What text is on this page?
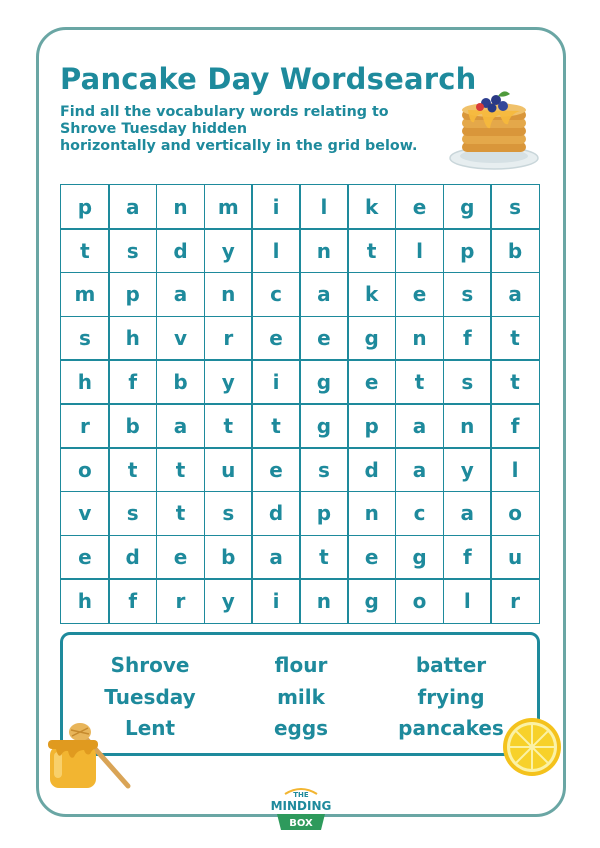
Pancake Day Wordsearch
Find all the vocabulary words relating to
Shrove Tuesday hidden
horizontally and vertically in the grid below.
p	a	n	m	i	l	k	e	g	s
t	s	d	y	l	n	t	l	p	b
m	p	a	n	c	a	k	e	s	a
s	h	v	r	e	e	g	n	f	t
h	f	b	y	i	g	e	t	s	t
r	b	a	t	t	g	p	a	n	f
o	t	t	u	e	s	d	a	y	l
v	s	t	s	d	p	n	c	a	o
e	d	e	b	a	t	e	g	f	u
h	f	r	y	i	n	g	o	l	r
Shrove	flour	batter
Tuesday	milk	frying
Lent	eggs	pancakes
THE
MINDING
BOX
